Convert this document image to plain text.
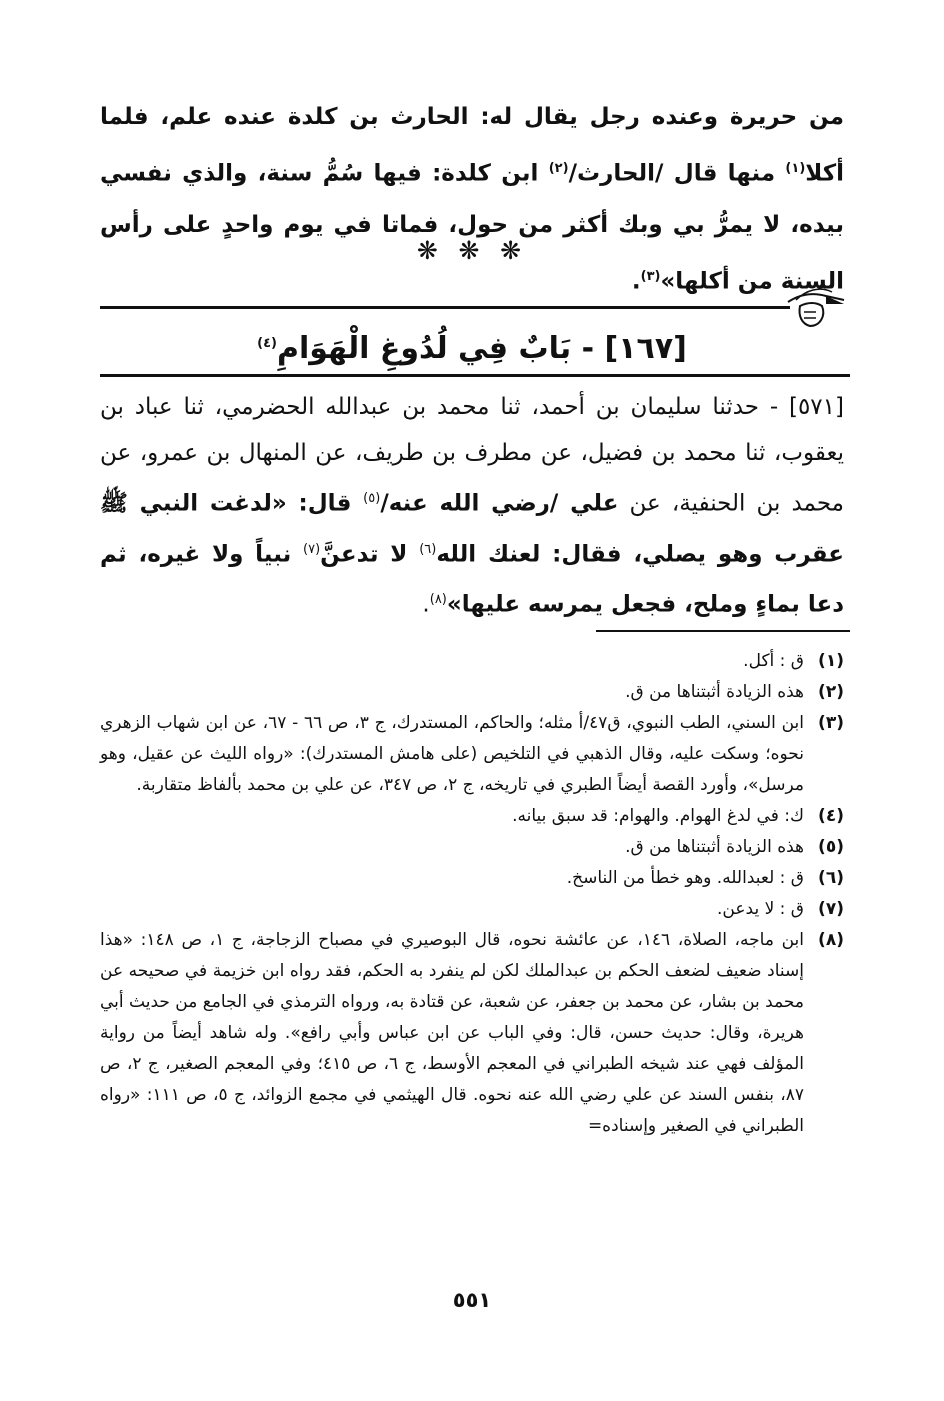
من حريرة وعنده رجل يقال له: الحارث بن كلدة عنده علم، فلما أكلا$^{(١)}$ منها قال /الحارث/$^{(٢)}$ ابن كلدة: فيها سُمُّ سنة، والذي نفسي بيده، لا يمرُّ بي وبك أكثر من حول، فماتا في يوم واحدٍ على رأس السنة من أكلها»$^{(٣)}$.

❋ ❋ ❋

[١٦٧] - بَابٌ فِي لُدُوغِ الْهَوَامِ$^{(٤)}$

[٥٧١] - حدثنا سليمان بن أحمد، ثنا محمد بن عبدالله الحضرمي، ثنا عباد بن يعقوب، ثنا محمد بن فضيل، عن مطرف بن طريف، عن المنهال بن عمرو، عن محمد بن الحنفية، عن علي /رضي الله عنه/$^{(٥)}$ قال: «لدغت النبي ﷺ عقرب وهو يصلي، فقال: لعنك الله$^{(٦)}$ لا تدعنَّ$^{(٧)}$ نبياً ولا غيره، ثم دعا بماءٍ وملح، فجعل يمرسه عليها»$^{(٨)}$.

(١)
ق : أكل.
(٢)
هذه الزيادة أثبتناها من ق.
(٣)
ابن السني، الطب النبوي، ق٤٧/أ مثله؛ والحاكم، المستدرك، ج ٣، ص ٦٦ - ٦٧، عن ابن شهاب الزهري نحوه؛ وسكت عليه، وقال الذهبي في التلخيص (على هامش المستدرك): «رواه الليث عن عقيل، وهو مرسل»، وأورد القصة أيضاً الطبري في تاريخه، ج ٢، ص ٣٤٧، عن علي بن محمد بألفاظ متقاربة.
(٤)
ك: في لدغ الهوام. والهوام: قد سبق بيانه.
(٥)
هذه الزيادة أثبتناها من ق.
(٦)
ق : لعبدالله. وهو خطأ من الناسخ.
(٧)
ق : لا يدعن.
(٨)
ابن ماجه، الصلاة، ١٤٦، عن عائشة نحوه، قال البوصيري في مصباح الزجاجة، ج ١، ص ١٤٨: «هذا إسناد ضعيف لضعف الحكم بن عبدالملك لكن لم ينفرد به الحكم، فقد رواه ابن خزيمة في صحيحه عن محمد بن بشار، عن محمد بن جعفر، عن شعبة، عن قتادة به، ورواه الترمذي في الجامع من حديث أبي هريرة، وقال: حديث حسن، قال: وفي الباب عن ابن عباس وأبي رافع». وله شاهد أيضاً من رواية المؤلف فهي عند شيخه الطبراني في المعجم الأوسط، ج ٦، ص ٤١٥؛ وفي المعجم الصغير، ج ٢، ص ٨٧، بنفس السند عن علي رضي الله عنه نحوه. قال الهيثمي في مجمع الزوائد، ج ٥، ص ١١١: «رواه الطبراني في الصغير وإسناده=

٥٥١
